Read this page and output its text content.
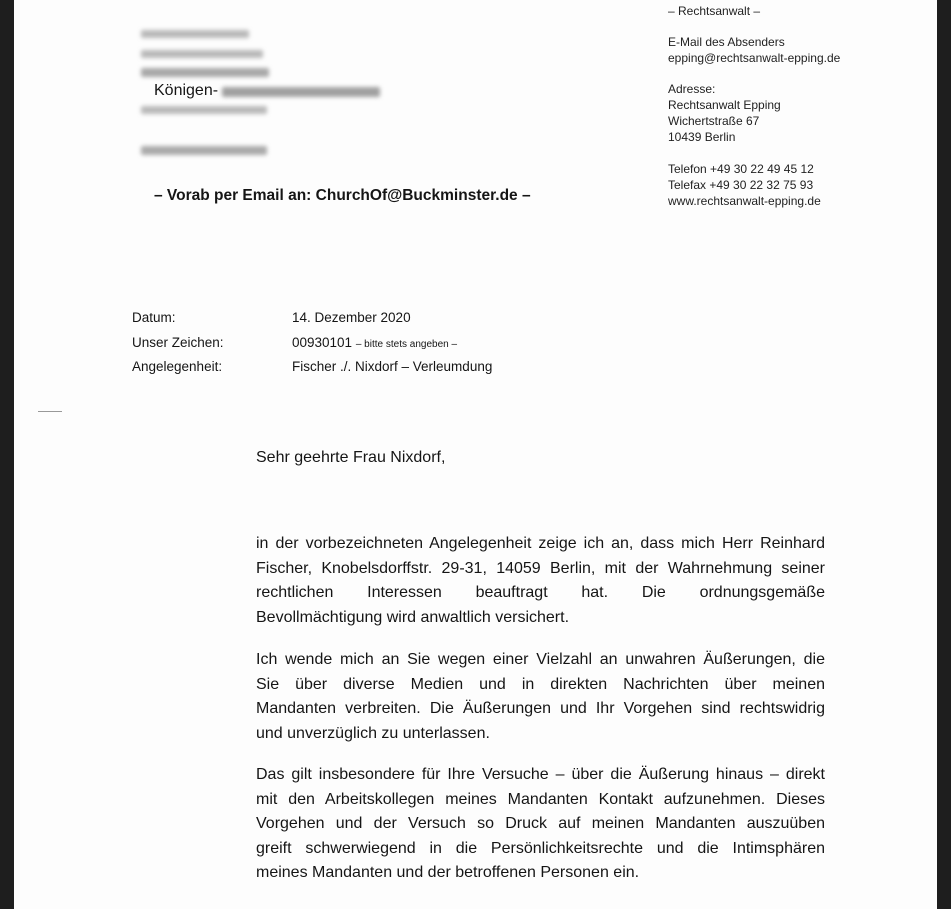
Königen-
– Vorab per Email an: ChurchOf@Buckminster.de –
– Rechtsanwalt –
E-Mail des Absenders
epping@rechtsanwalt-epping.de
Adresse:
Rechtsanwalt Epping
Wichertstraße 67
10439 Berlin
Telefon +49 30 22 49 45 12
Telefax +49 30 22 32 75 93
www.rechtsanwalt-epping.de
Datum:	14. Dezember 2020
Unser Zeichen:	00930101 – bitte stets angeben –
Angelegenheit:	Fischer ./. Nixdorf – Verleumdung
Sehr geehrte Frau Nixdorf,
in der vorbezeichneten Angelegenheit zeige ich an, dass mich Herr Reinhard
Fischer, Knobelsdorffstr. 29-31, 14059 Berlin, mit der Wahrnehmung seiner
rechtlichen Interessen beauftragt hat. Die ordnungsgemäße
Bevollmächtigung wird anwaltlich versichert.
Ich wende mich an Sie wegen einer Vielzahl an unwahren Äußerungen, die
Sie über diverse Medien und in direkten Nachrichten über meinen
Mandanten verbreiten. Die Äußerungen und Ihr Vorgehen sind rechtswidrig
und unverzüglich zu unterlassen.
Das gilt insbesondere für Ihre Versuche – über die Äußerung hinaus – direkt
mit den Arbeitskollegen meines Mandanten Kontakt aufzunehmen. Dieses
Vorgehen und der Versuch so Druck auf meinen Mandanten auszuüben
greift schwerwiegend in die Persönlichkeitsrechte und die Intimsphären
meines Mandanten und der betroffenen Personen ein.
